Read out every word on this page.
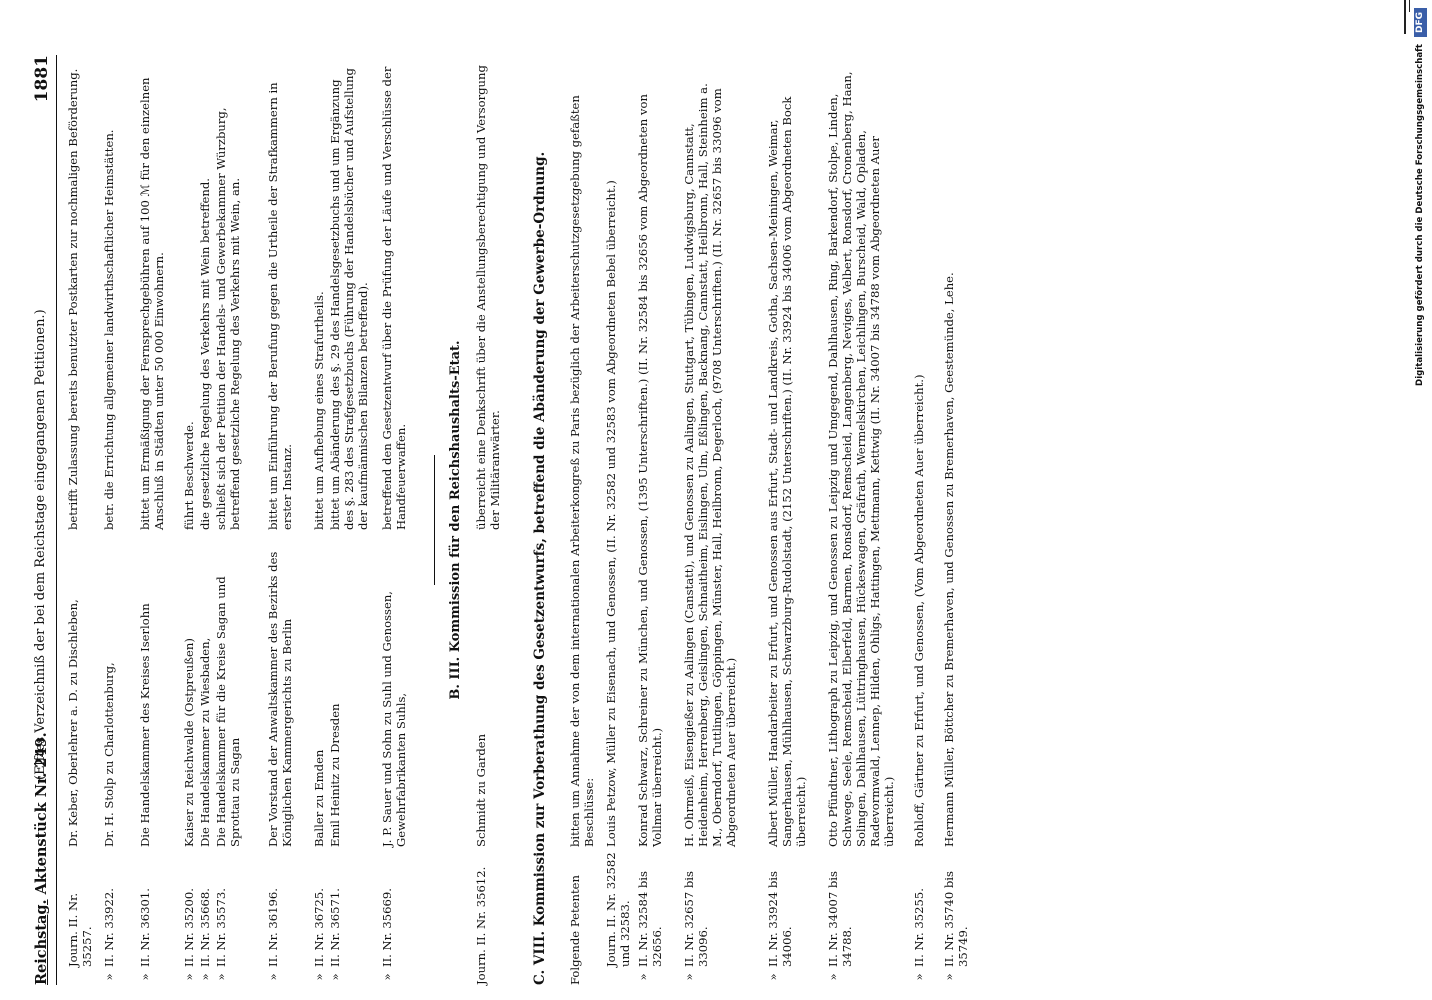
Reichstag. Aktenstück Nr. 249.
(Elftes Verzeichniß der bei dem Reichstage eingegangenen Petitionen.)
1881
Journ. II. Nr. 35257.
Dr. Keber, Oberlehrer a. D. zu Dischleben,
betrifft Zulassung bereits benutzter Postkarten zur nochmaligen Beförderung.
»
II. Nr. 33922.
Dr. H. Stolp zu Charlottenburg,
betr. die Errichtung allgemeiner landwirthschaftlicher Heimstätten.
»
II. Nr. 36301.
Die Handelskammer des Kreises Iserlohn
bittet um Ermäßigung der Fernsprechgebühren auf 100 ℳ für den einzelnen Anschluß in Städten unter 50 000 Einwohnern.
»
II. Nr. 35200.
Kaiser zu Reichwalde (Ostpreußen)
führt Beschwerde.
»
II. Nr. 35668.
Die Handelskammer zu Wiesbaden,
die gesetzliche Regelung des Verkehrs mit Wein betreffend.
»
II. Nr. 35573.
Die Handelskammer für die Kreise Sagan und Sprottau zu Sagan
schließt sich der Petition der Handels- und Gewerbekammer Würzburg, betreffend gesetzliche Regelung des Verkehrs mit Wein, an.
»
II. Nr. 36196.
Der Vorstand der Anwaltskammer des Bezirks des Königlichen Kammergerichts zu Berlin
bittet um Einführung der Berufung gegen die Urtheile der Strafkammern in erster Instanz.
»
II. Nr. 36725.
Baller zu Emden
bittet um Aufhebung eines Strafurtheils.
»
II. Nr. 36571.
Emil Heinitz zu Dresden
bittet um Abänderung des §. 29 des Handelsgesetzbuchs und um Ergänzung des §. 283 des Strafgesetzbuchs (Führung der Handelsbücher und Aufstellung der kaufmännischen Bilanzen betreffend).
»
II. Nr. 35669.
J. P. Sauer und Sohn zu Suhl und Genossen, Gewehrfabrikanten Suhls,
betreffend den Gesetzentwurf über die Prüfung der Läufe und Verschlüsse der Handfeuerwaffen.	B. III. Kommission für den Reichshaushalts-Etat.
Journ. II. Nr. 35612.
Schmidt zu Garden
überreicht eine Denkschrift über die Anstellungsberechtigung und Versorgung der Militäranwärter. C. VIII. Kommission zur Vorberathung des Gesetzentwurfs, betreffend die Abänderung der Gewerbe-Ordnung. Folgende Petenten
bitten um Annahme der von dem internationalen Arbeiterkongreß zu Paris bezüglich der Arbeiterschutzgesetzgebung gefaßten Beschlüsse:
Journ. II. Nr. 32582 und 32583.
Louis Petzow, Müller zu Eisenach, und Genossen, (II. Nr. 32582 und 32583 vom Abgeordneten Bebel überreicht.)
»
II. Nr. 32584 bis 32656.
Konrad Schwarz, Schreiner zu München, und Genossen, (1395 Unterschriften.) (II. Nr. 32584 bis 32656 vom Abgeordneten von Vollmar überreicht.)
»
II. Nr. 32657 bis 33096.
H. Ohrmeiß, Eisengießer zu Aalingen (Canstatt), und Genossen zu Aalingen, Stuttgart, Tübingen, Ludwigsburg, Cannstatt, Heidenheim, Herrenberg, Geislingen, Schnaitheim, Eislingen, Ulm, Eßlingen, Backnang, Cannstatt, Heilbronn, Hall, Steinheim a. M., Oberndorf, Tuttlingen, Göppingen, Münster, Hall, Heilbronn, Degerloch, (9708 Unterschriften.) (II. Nr. 32657 bis 33096 vom Abgeordneten Auer überreicht.)
»
II. Nr. 33924 bis 34006.
Albert Müller, Handarbeiter zu Erfurt, und Genossen aus Erfurt, Stadt- und Landkreis, Gotha, Sachsen-Meiningen, Weimar, Sangerhausen, Mühlhausen, Schwarzburg-Rudolstadt, (2152 Unterschriften.) (II. Nr. 33924 bis 34006 vom Abgeordneten Bock überreicht.)
»
II. Nr. 34007 bis 34788.
Otto Pfündtner, Lithograph zu Leipzig, und Genossen zu Leipzig und Umgegend, Dahlhausen, Ring, Barkendorf, Stolpe, Linden, Schwege, Seele, Remscheid, Elberfeld, Barmen, Ronsdorf, Remscheid, Langenberg, Neviges, Velbert, Ronsdorf, Cronenberg, Haan, Solingen, Dahlhausen, Lüttringhausen, Hückeswagen, Gräfrath, Wermelskirchen, Leichlingen, Burscheid, Wald, Opladen, Radevormwald, Lennep, Hilden, Ohligs, Hattingen, Mettmann, Kettwig (II. Nr. 34007 bis 34788 vom Abgeordneten Auer überreicht.)
»
II. Nr. 35255.
Rohloff, Gärtner zu Erfurt, und Genossen, (Vom Abgeordneten Auer überreicht.)
»
II. Nr. 35740 bis 35749.
Hermann Müller, Böttcher zu Bremerhaven, und Genossen zu Bremerhaven, Geestemünde, Lehe.
Digitalisierung gefördert durch die Deutsche Forschungsgemeinschaft DFG
